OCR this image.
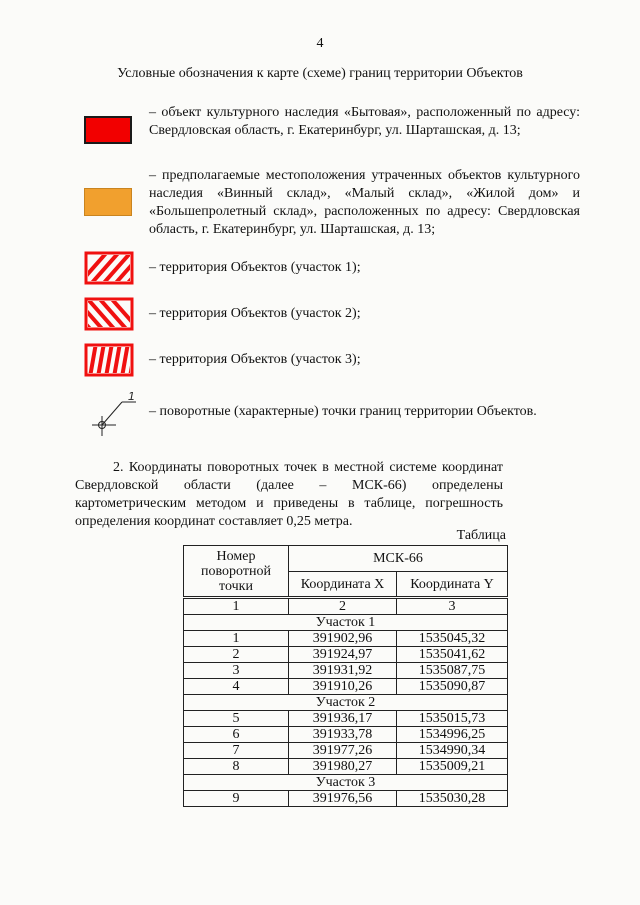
4
Условные обозначения к карте (схеме) границ территории Объектов
– объект культурного наследия «Бытовая», расположенный по адресу: Свердловская область, г. Екатеринбург, ул. Шарташская, д. 13;
– предполагаемые местоположения утраченных объектов культурного наследия «Винный склад», «Малый склад», «Жилой дом» и «Большепролетный склад», расположенных по адресу: Свердловская область, г. Екатеринбург, ул. Шарташская, д. 13;
– территория Объектов (участок 1);
– территория Объектов (участок 2);
– территория Объектов (участок 3);
1
– поворотные (характерные) точки границ территории Объектов.
2. Координаты поворотных точек в местной системе координат Свердловской области (далее – МСК-66) определены картометрическим методом и приведены в таблице, погрешность определения координат составляет 0,25 метра.
Таблица
Номер поворотной точки	МСК-66	
	Координата X	Координата Y
1	2	3
Участок 1		
1	391902,96	1535045,32
2	391924,97	1535041,62
3	391931,92	1535087,75
4	391910,26	1535090,87
Участок 2		
5	391936,17	1535015,73
6	391933,78	1534996,25
7	391977,26	1534990,34
8	391980,27	1535009,21
Участок 3		
9	391976,56	1535030,28
